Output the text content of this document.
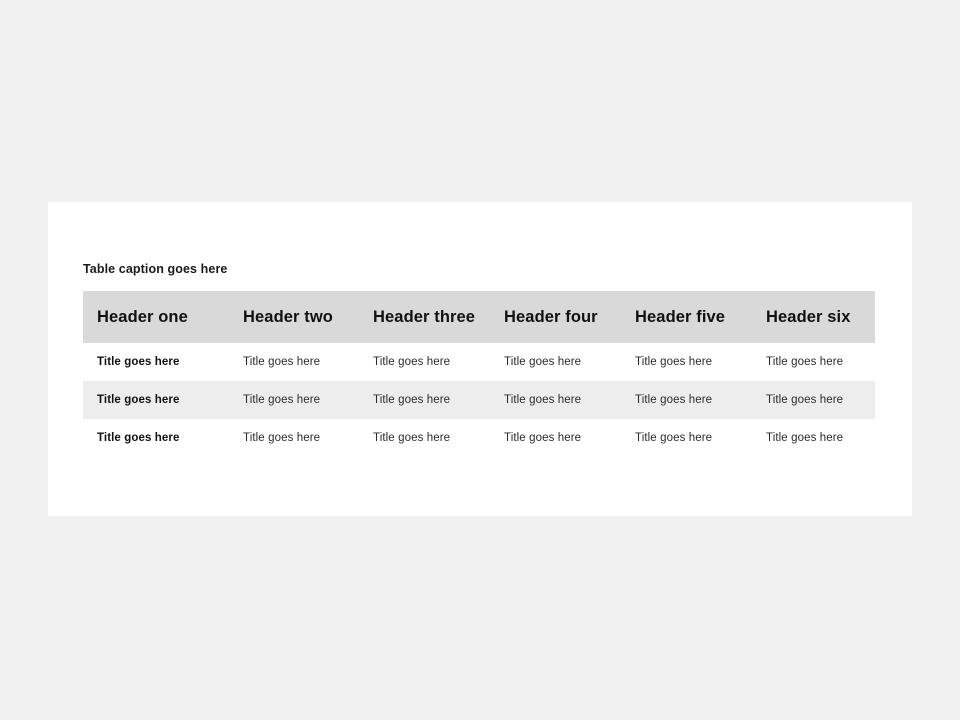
Table caption goes here
Header one	Header two	Header three	Header four	Header five	Header six
Title goes here	Title goes here	Title goes here	Title goes here	Title goes here	Title goes here
Title goes here	Title goes here	Title goes here	Title goes here	Title goes here	Title goes here
Title goes here	Title goes here	Title goes here	Title goes here	Title goes here	Title goes here
